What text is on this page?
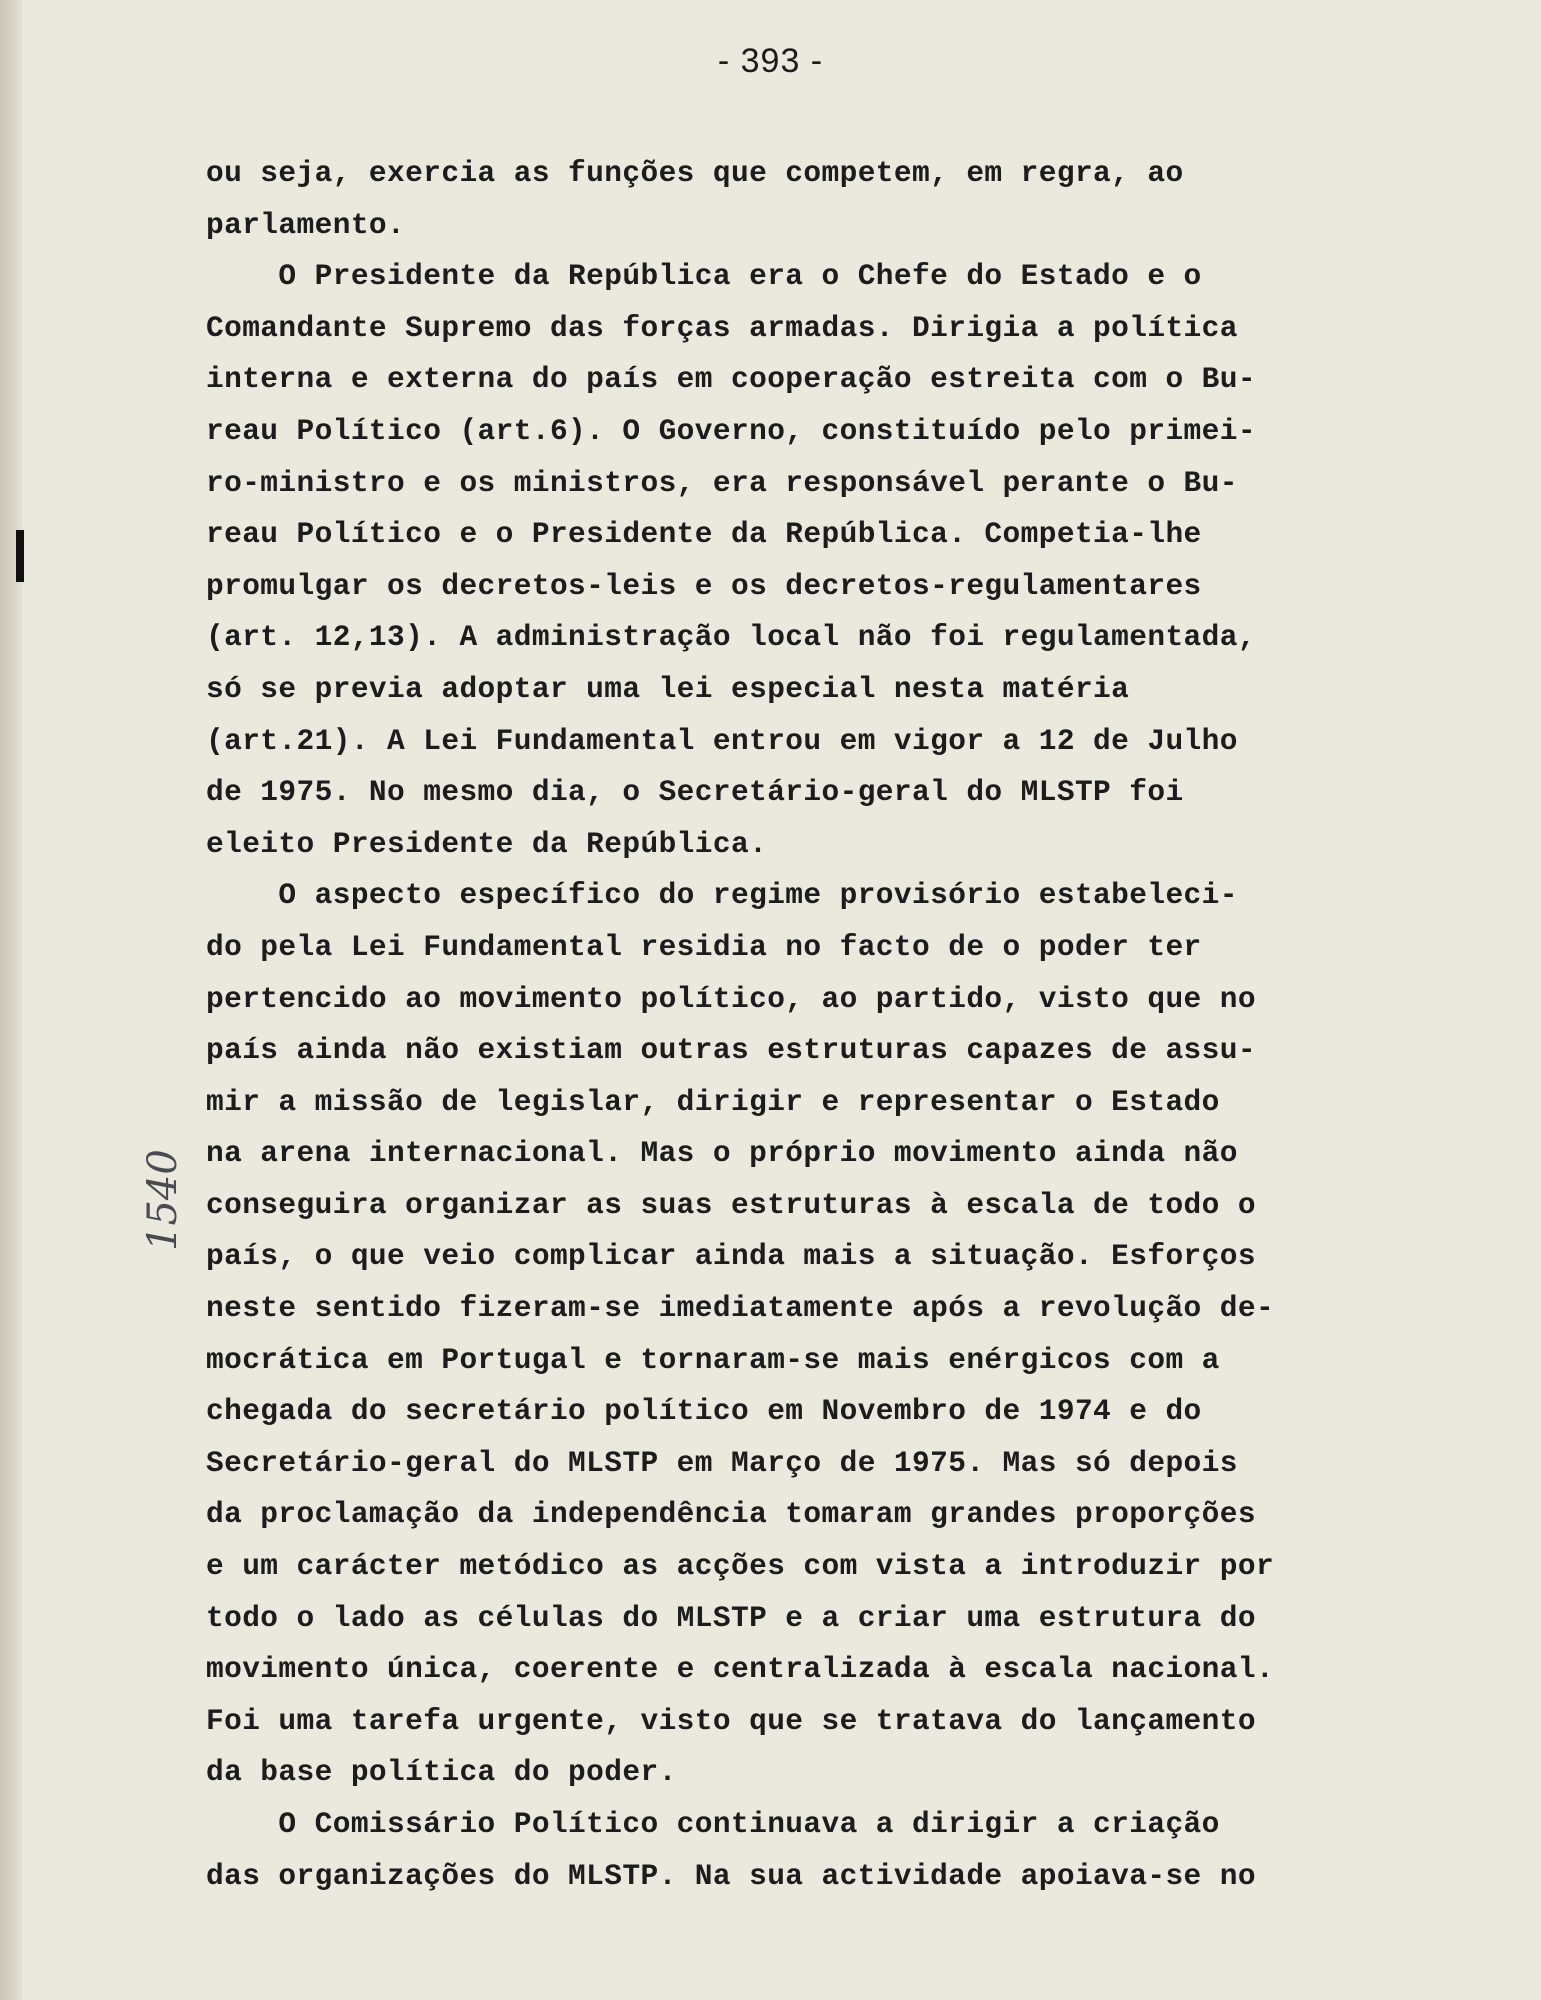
- 393 -
1540
ou seja, exercia as funções que competem, em regra, ao
parlamento.
O Presidente da República era o Chefe do Estado e o
Comandante Supremo das forças armadas. Dirigia a política
interna e externa do país em cooperação estreita com o Bu-
reau Político (art.6). O Governo, constituído pelo primei-
ro-ministro e os ministros, era responsável perante o Bu-
reau Político e o Presidente da República. Competia-lhe
promulgar os decretos-leis e os decretos-regulamentares
(art. 12,13). A administração local não foi regulamentada,
só se previa adoptar uma lei especial nesta matéria
(art.21). A Lei Fundamental entrou em vigor a 12 de Julho
de 1975. No mesmo dia, o Secretário-geral do MLSTP foi
eleito Presidente da República.
O aspecto específico do regime provisório estabeleci-
do pela Lei Fundamental residia no facto de o poder ter
pertencido ao movimento político, ao partido, visto que no
país ainda não existiam outras estruturas capazes de assu-
mir a missão de legislar, dirigir e representar o Estado
na arena internacional. Mas o próprio movimento ainda não
conseguira organizar as suas estruturas à escala de todo o
país, o que veio complicar ainda mais a situação. Esforços
neste sentido fizeram-se imediatamente após a revolução de-
mocrática em Portugal e tornaram-se mais enérgicos com a
chegada do secretário político em Novembro de 1974 e do
Secretário-geral do MLSTP em Março de 1975. Mas só depois
da proclamação da independência tomaram grandes proporções
e um carácter metódico as acções com vista a introduzir por
todo o lado as células do MLSTP e a criar uma estrutura do
movimento única, coerente e centralizada à escala nacional.
Foi uma tarefa urgente, visto que se tratava do lançamento
da base política do poder.
O Comissário Político continuava a dirigir a criação
das organizações do MLSTP. Na sua actividade apoiava-se no
